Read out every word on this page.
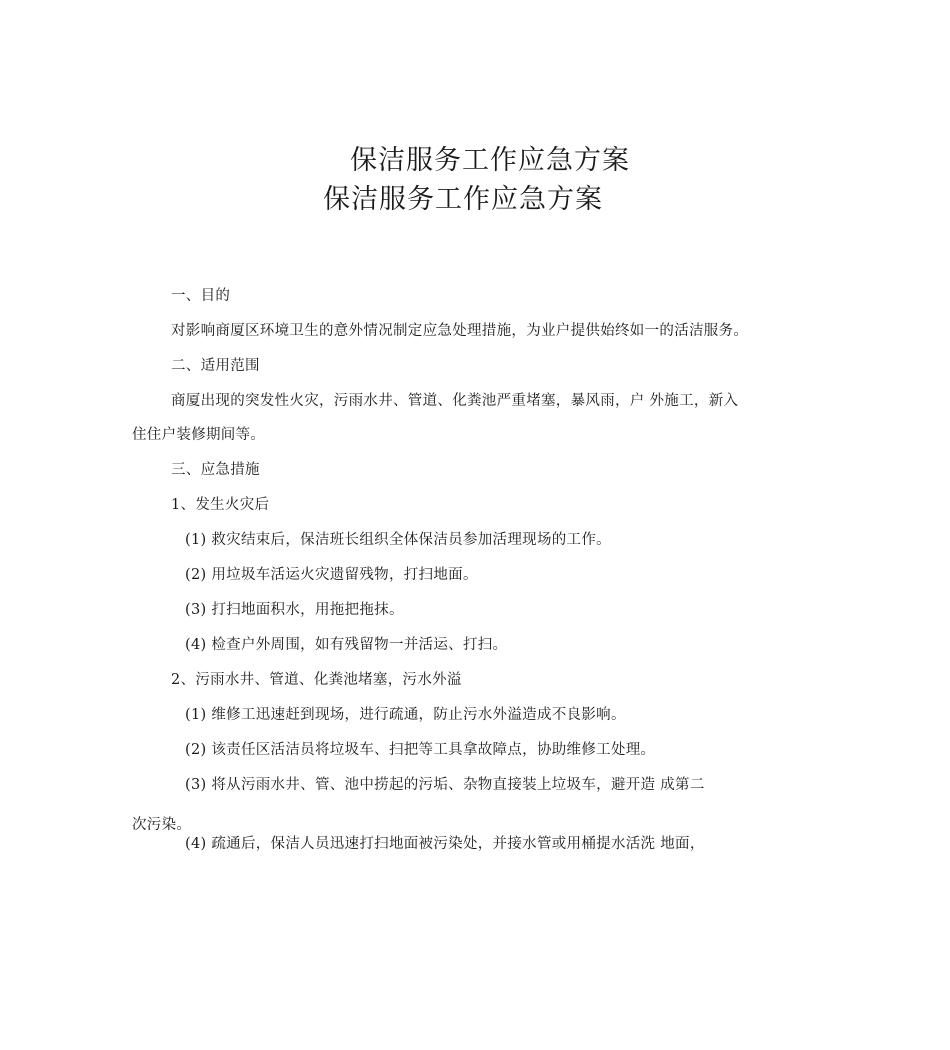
保洁服务工作应急方案
保洁服务工作应急方案
一、目的
对影响商厦区环境卫生的意外情况制定应急处理措施，为业户提供始终如一的活洁服务。
二、适用范围
商厦出现的突发性火灾，污雨水井、管道、化粪池严重堵塞，暴风雨，户 外施工，新入
住住户装修期间等。
三、应急措施
1、发生火灾后
(1) 救灾结束后，保洁班长组织全体保洁员参加活理现场的工作。
(2) 用垃圾车活运火灾遗留残物，打扫地面。
(3) 打扫地面积水，用拖把拖抹。
(4) 检查户外周围，如有残留物一并活运、打扫。
2、污雨水井、管道、化粪池堵塞，污水外溢
(1) 维修工迅速赶到现场，进行疏通，防止污水外溢造成不良影响。
(2) 该责任区活洁员将垃圾车、扫把等工具拿故障点，协助维修工处理。
(3) 将从污雨水井、管、池中捞起的污垢、杂物直接装上垃圾车，避开造 成第二
次污染。
(4) 疏通后，保洁人员迅速打扫地面被污染处，并接水管或用桶提水活洗 地面，
